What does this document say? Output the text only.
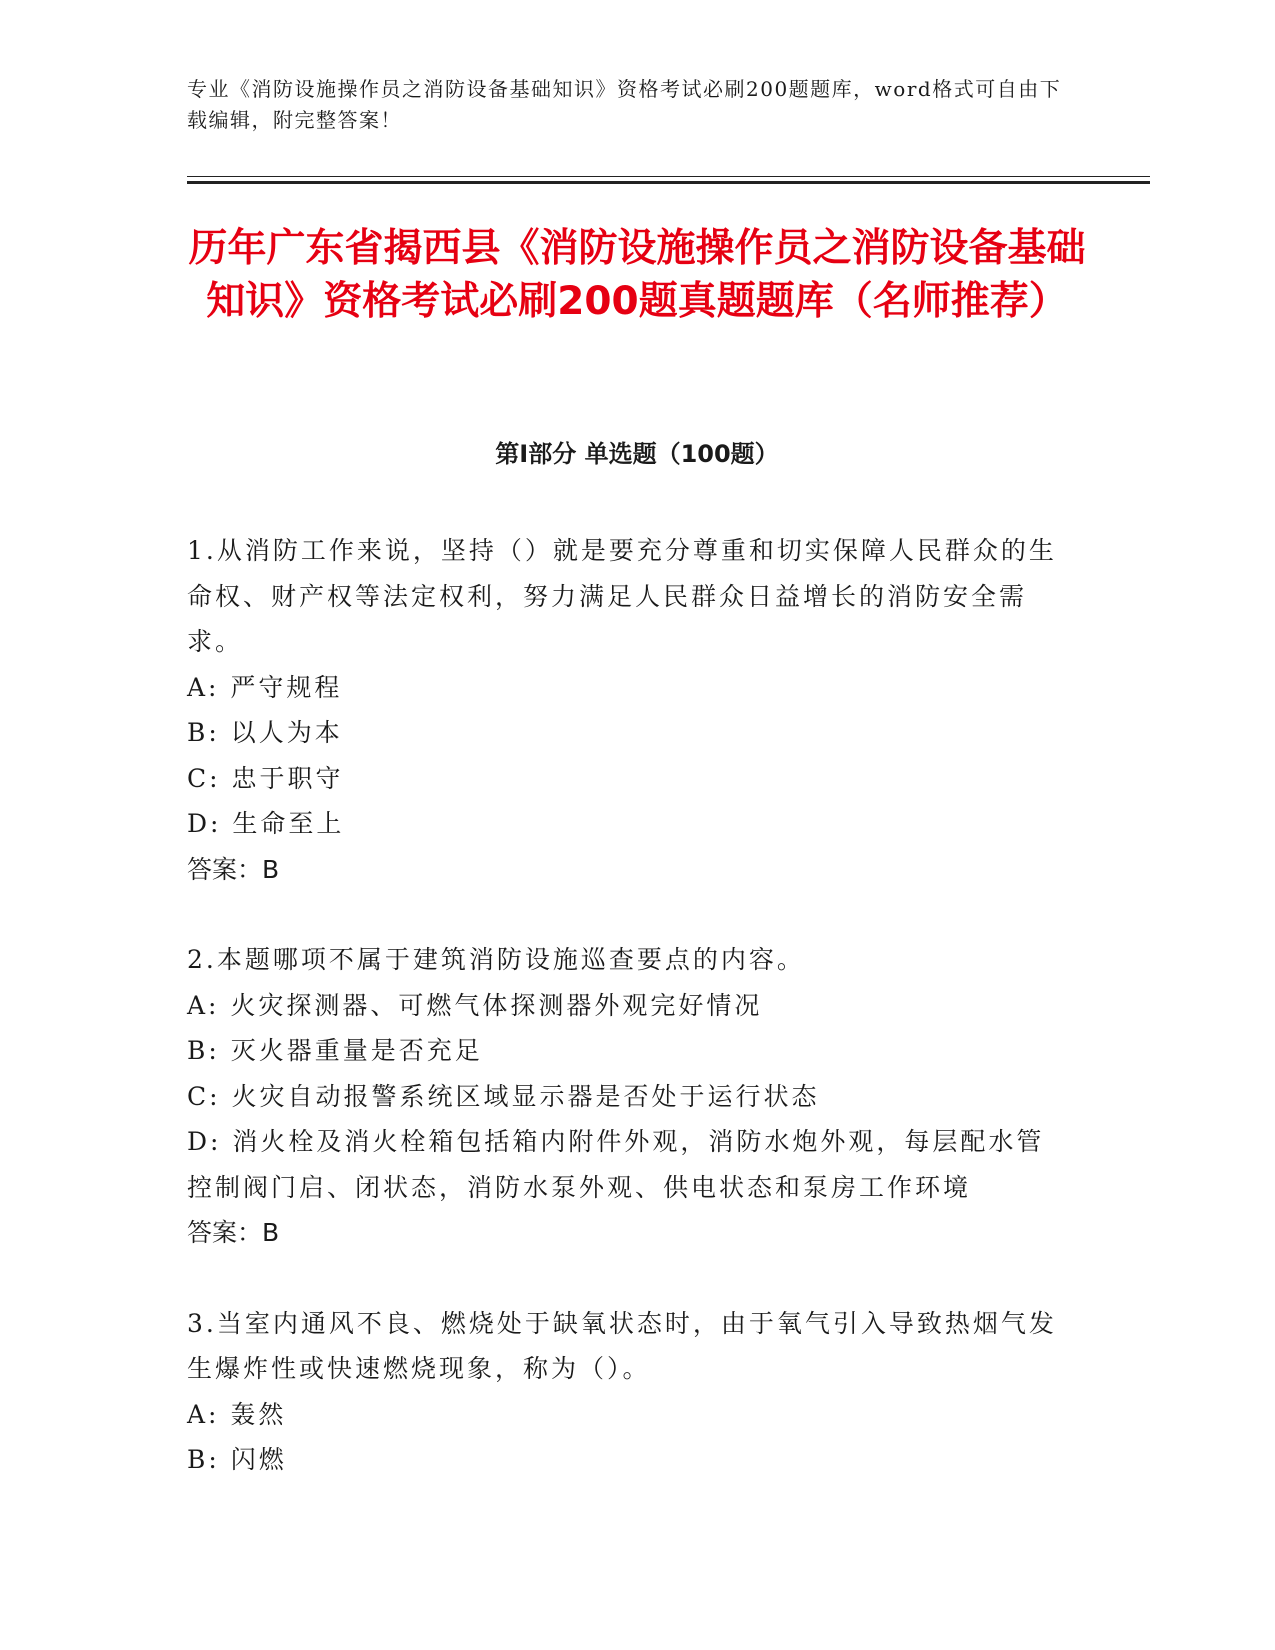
专业《消防设施操作员之消防设备基础知识》资格考试必刷200题题库，word格式可自由下载编辑，附完整答案！
历年广东省揭西县《消防设施操作员之消防设备基础知识》资格考试必刷200题真题题库（名师推荐）
第Ⅰ部分 单选题（100题）
1.从消防工作来说，坚持（）就是要充分尊重和切实保障人民群众的生命权、财产权等法定权利，努力满足人民群众日益增长的消防安全需求。
A: 严守规程
B: 以人为本
C: 忠于职守
D: 生命至上
答案：B
2.本题哪项不属于建筑消防设施巡查要点的内容。
A: 火灾探测器、可燃气体探测器外观完好情况
B: 灭火器重量是否充足
C: 火灾自动报警系统区域显示器是否处于运行状态
D: 消火栓及消火栓箱包括箱内附件外观，消防水炮外观，每层配水管控制阀门启、闭状态，消防水泵外观、供电状态和泵房工作环境
答案：B
3.当室内通风不良、燃烧处于缺氧状态时，由于氧气引入导致热烟气发生爆炸性或快速燃烧现象，称为（）。
A: 轰然
B: 闪燃
